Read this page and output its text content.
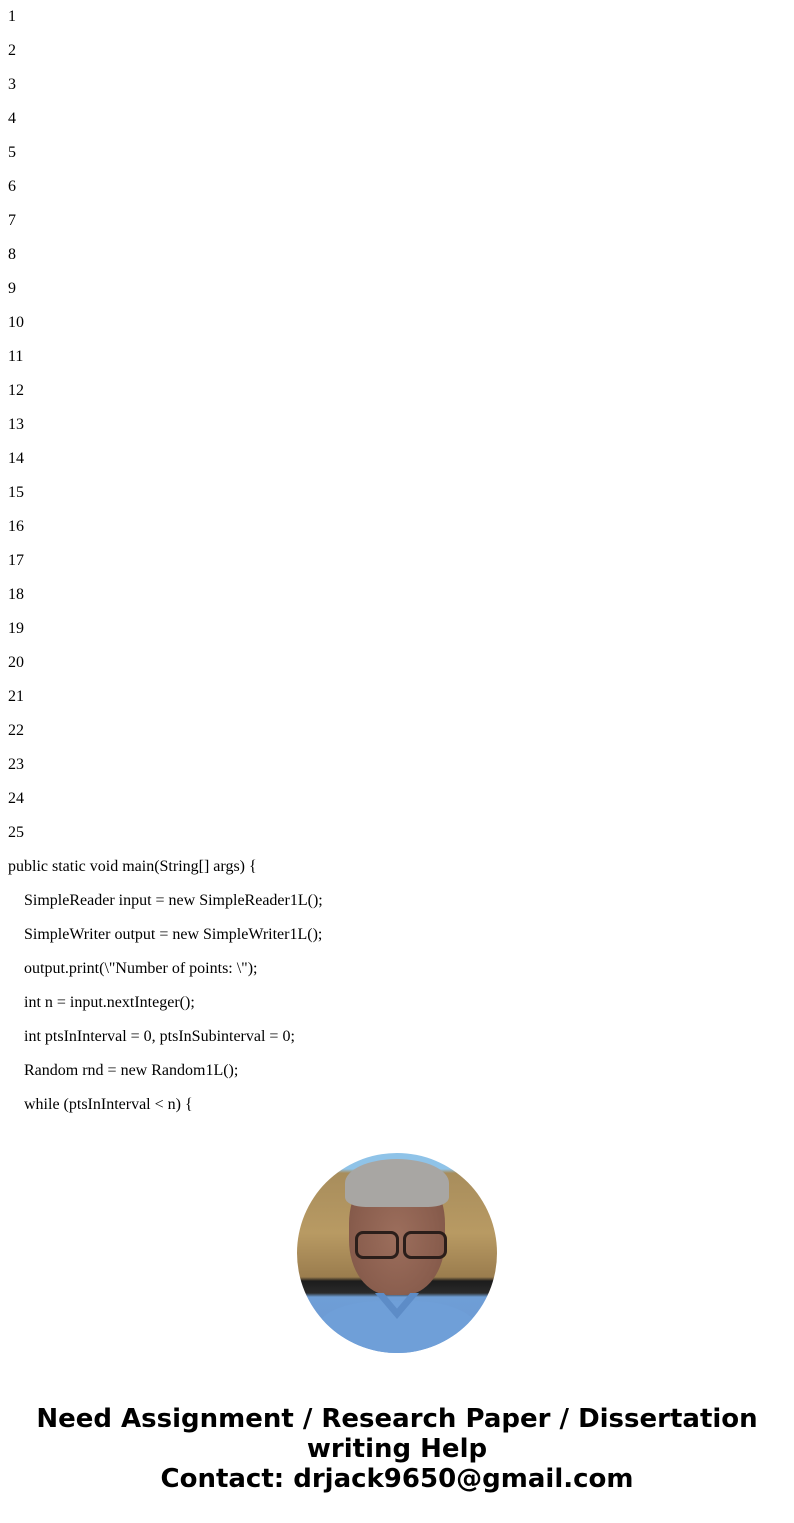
1
2
3
4
5
6
7
8
9
10
11
12
13
14
15
16
17
18
19
20
21
22
23
24
25
public static void main(String[] args) {
SimpleReader input = new SimpleReader1L();
SimpleWriter output = new SimpleWriter1L();
output.print(\"Number of points: \");
int n = input.nextInteger();
int ptsInInterval = 0, ptsInSubinterval = 0;
Random rnd = new Random1L();
while (ptsInInterval < n) {
Need Assignment / Research Paper / Dissertation
writing Help
Contact: drjack9650@gmail.com
